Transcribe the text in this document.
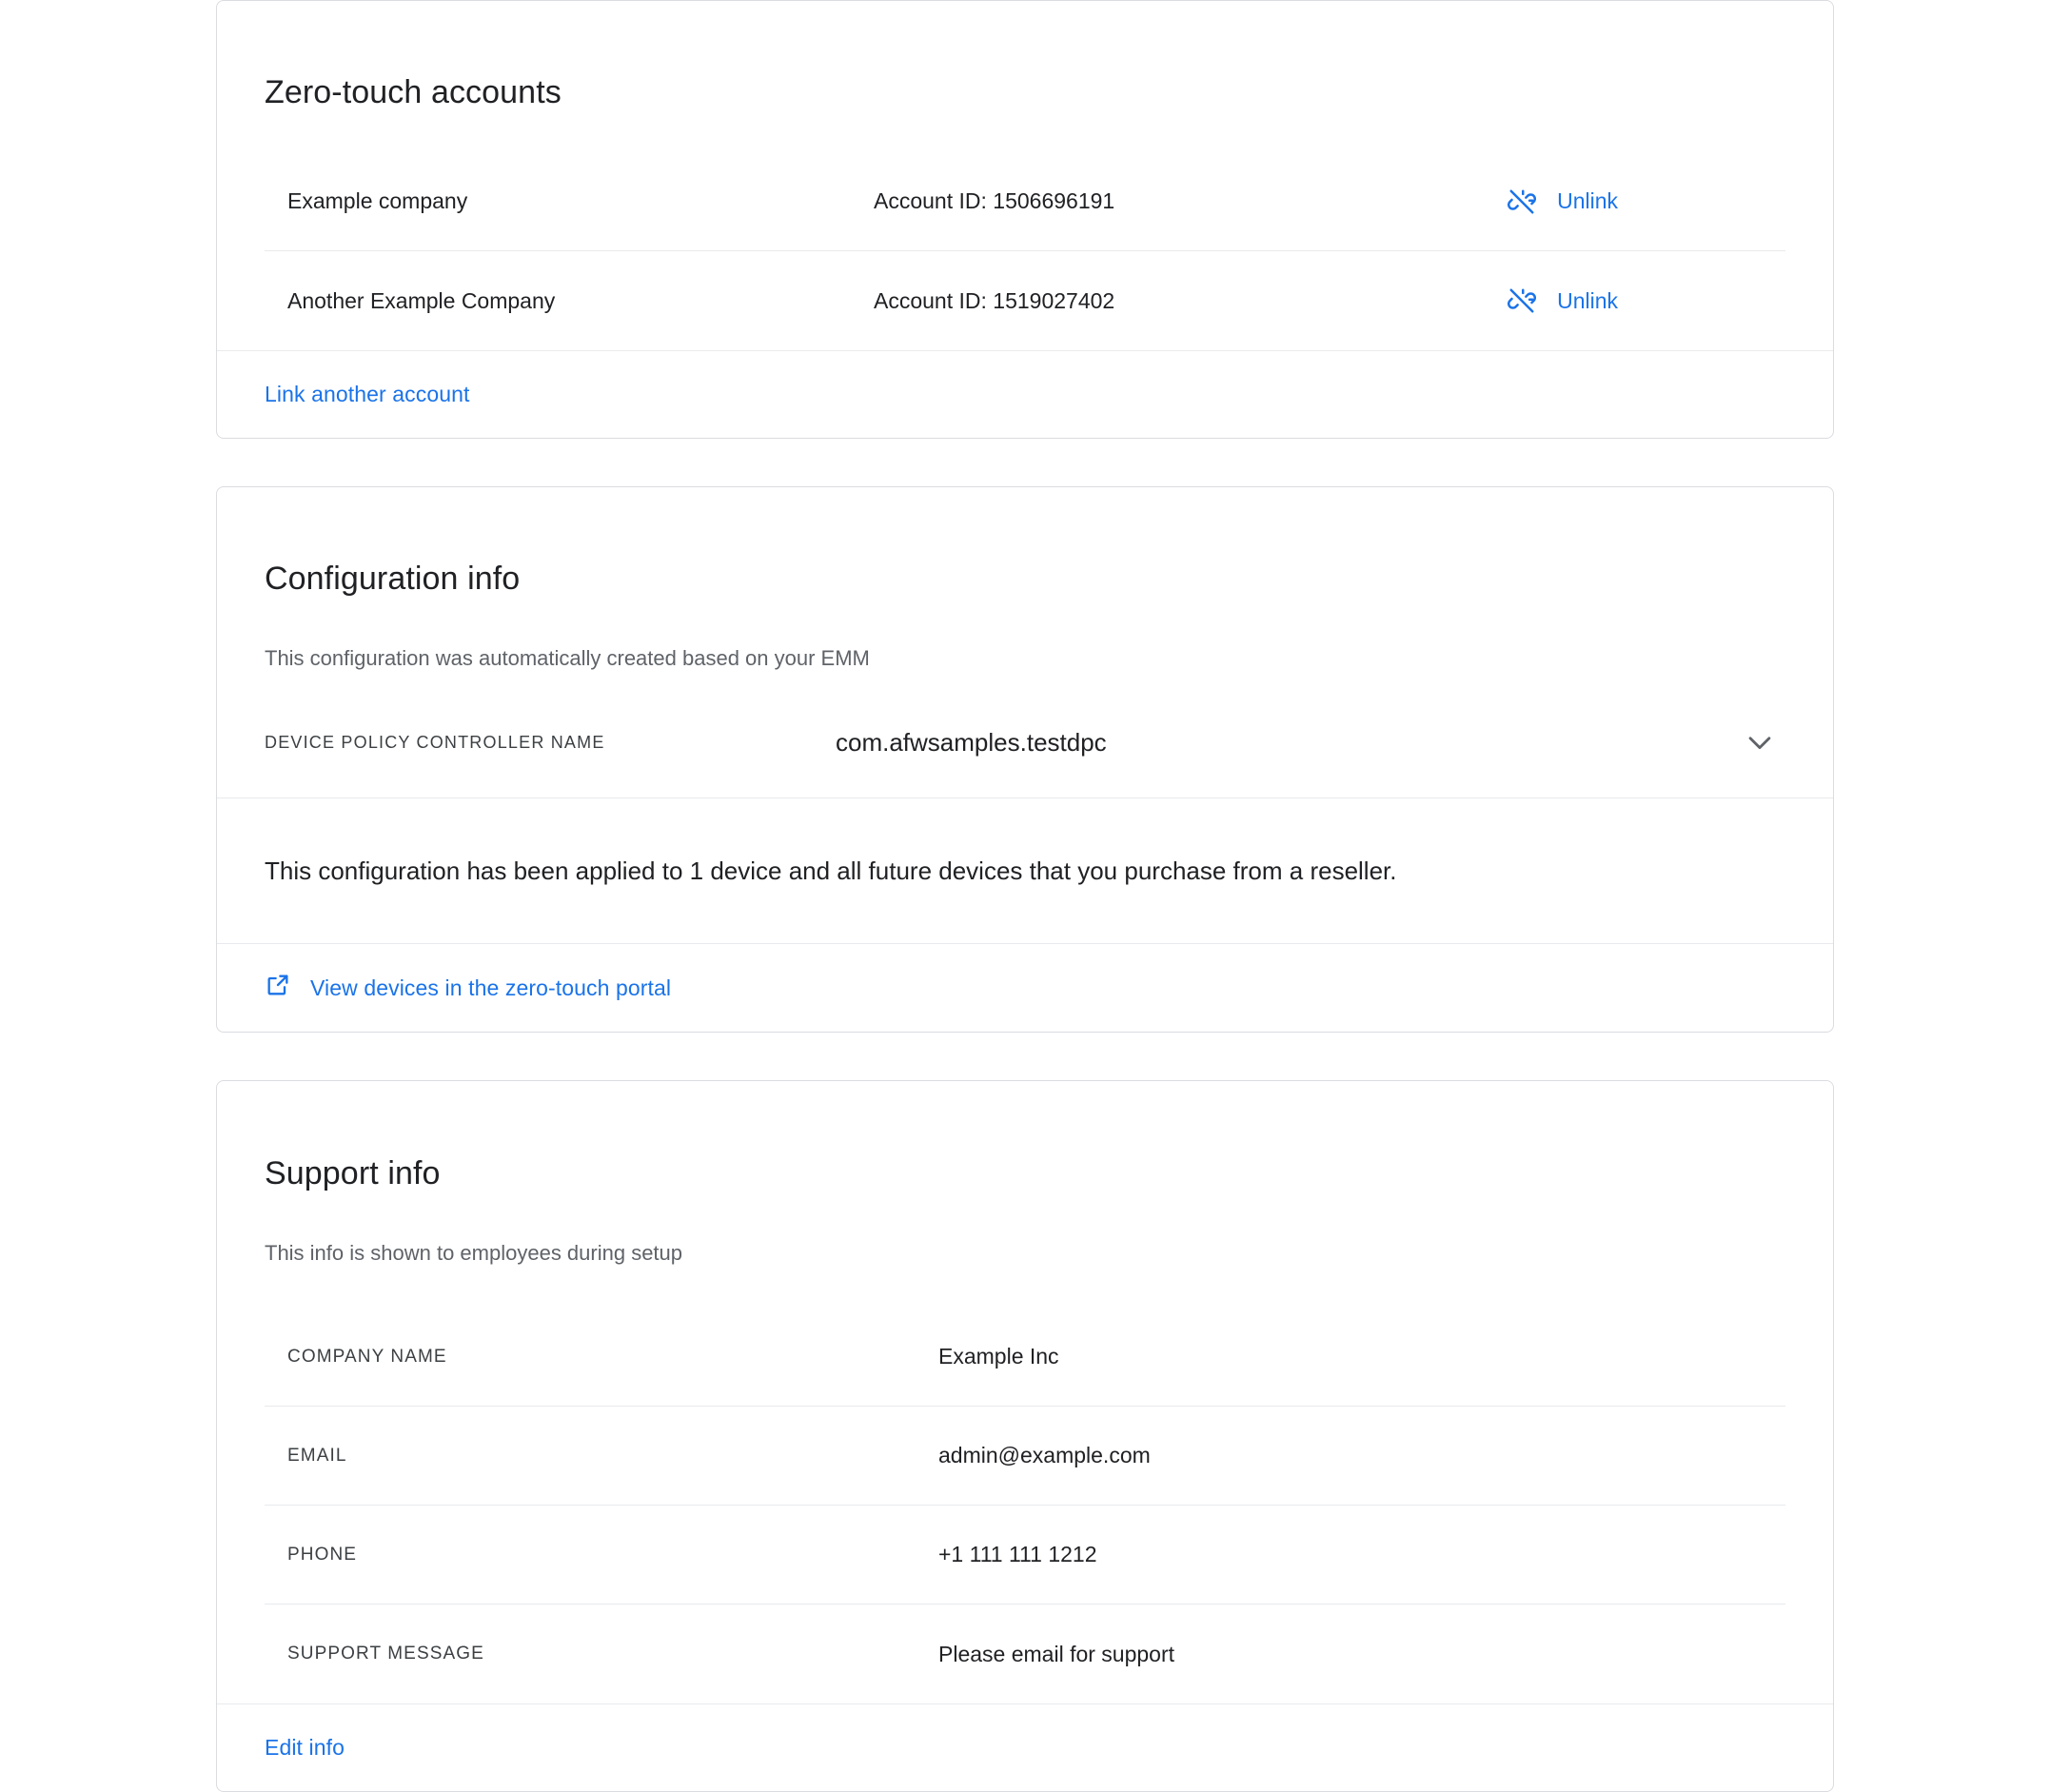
Zero-touch accounts
Example company	Account ID: 1506696191	Unlink
Another Example Company	Account ID: 1519027402	Unlink
Link another account
Configuration info
This configuration was automatically created based on your EMM
DEVICE POLICY CONTROLLER NAME	com.afwsamples.testdpc
This configuration has been applied to 1 device and all future devices that you purchase from a reseller.
View devices in the zero-touch portal
Support info
This info is shown to employees during setup
COMPANY NAME	Example Inc
EMAIL	admin@example.com
PHONE	+1 111 111 1212
SUPPORT MESSAGE	Please email for support
Edit info
